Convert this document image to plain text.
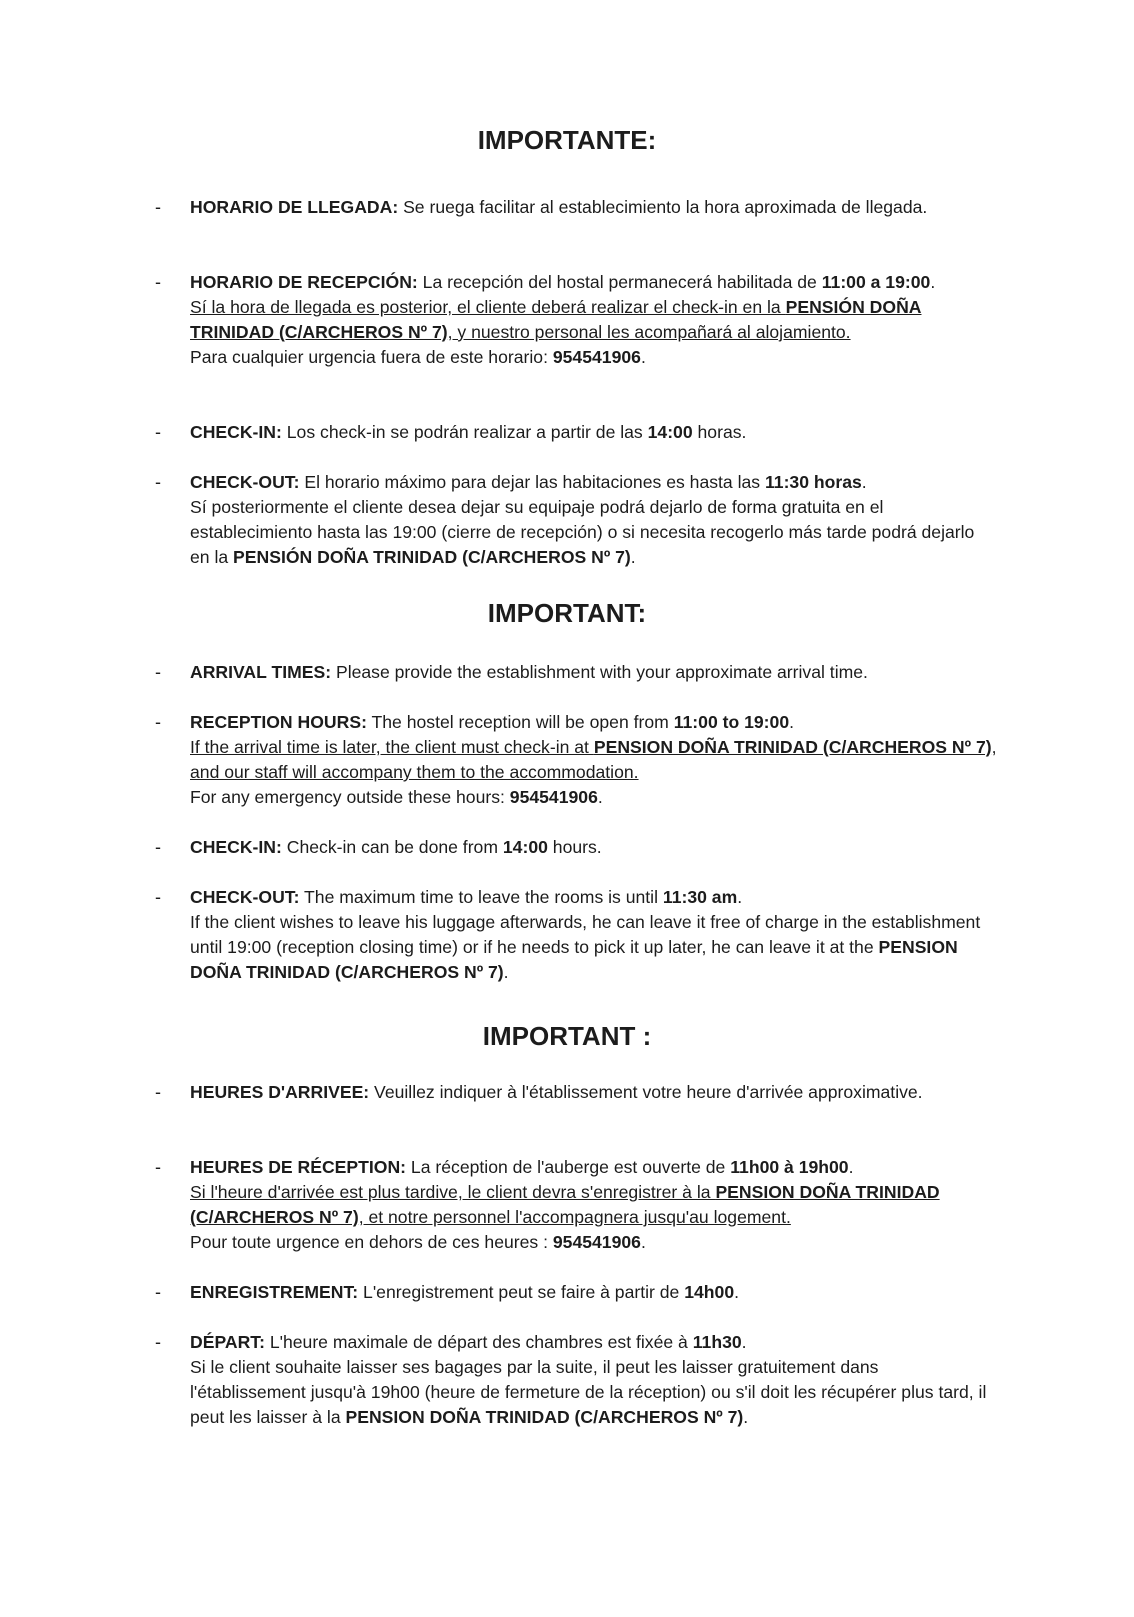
IMPORTANTE:
- HORARIO DE LLEGADA: Se ruega facilitar al establecimiento la hora aproximada de llegada.

- HORARIO DE RECEPCIÓN: La recepción del hostal permanecerá habilitada de 11:00 a 19:00.

Sí la hora de llegada es posterior, el cliente deberá realizar el check-in en la PENSIÓN DOÑA TRINIDAD (C/ARCHEROS Nº 7), y nuestro personal les acompañará al alojamiento.

Para cualquier urgencia fuera de este horario: 954541906.

- CHECK-IN: Los check-in se podrán realizar a partir de las 14:00 horas.

- CHECK-OUT: El horario máximo para dejar las habitaciones es hasta las 11:30 horas.

Sí posteriormente el cliente desea dejar su equipaje podrá dejarlo de forma gratuita en el establecimiento hasta las 19:00 (cierre de recepción) o si necesita recogerlo más tarde podrá dejarlo en la PENSIÓN DOÑA TRINIDAD (C/ARCHEROS Nº 7).

IMPORTANT:
- ARRIVAL TIMES: Please provide the establishment with your approximate arrival time.

- RECEPTION HOURS: The hostel reception will be open from 11:00 to 19:00.

If the arrival time is later, the client must check-in at PENSION DOÑA TRINIDAD (C/ARCHEROS Nº 7), and our staff will accompany them to the accommodation.

For any emergency outside these hours: 954541906.

- CHECK-IN: Check-in can be done from 14:00 hours.

- CHECK-OUT: The maximum time to leave the rooms is until 11:30 am.

If the client wishes to leave his luggage afterwards, he can leave it free of charge in the establishment until 19:00 (reception closing time) or if he needs to pick it up later, he can leave it at the PENSION DOÑA TRINIDAD (C/ARCHEROS Nº 7).

IMPORTANT :
- HEURES D'ARRIVEE: Veuillez indiquer à l'établissement votre heure d'arrivée approximative.

- HEURES DE RÉCEPTION: La réception de l'auberge est ouverte de 11h00 à 19h00.

Si l'heure d'arrivée est plus tardive, le client devra s'enregistrer à la PENSION DOÑA TRINIDAD (C/ARCHEROS Nº 7), et notre personnel l'accompagnera jusqu'au logement.

Pour toute urgence en dehors de ces heures : 954541906.

- ENREGISTREMENT: L'enregistrement peut se faire à partir de 14h00.

- DÉPART: L'heure maximale de départ des chambres est fixée à 11h30.

Si le client souhaite laisser ses bagages par la suite, il peut les laisser gratuitement dans l'établissement jusqu'à 19h00 (heure de fermeture de la réception) ou s'il doit les récupérer plus tard, il peut les laisser à la PENSION DOÑA TRINIDAD (C/ARCHEROS Nº 7).
